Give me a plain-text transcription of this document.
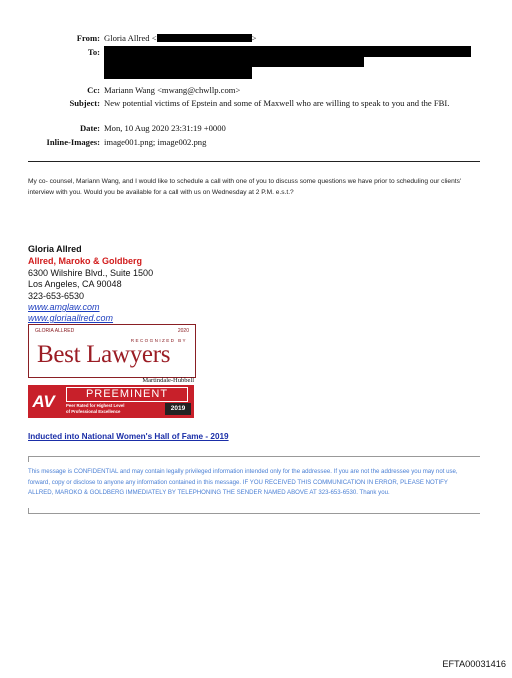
From: Gloria Allred <	>
To:
Cc: Mariann Wang <mwang@chwllp.com>
Subject: New potential victims of Epstein and some of Maxwell who are willing to speak to you and the FBI.
Date: Mon, 10 Aug 2020 23:31:19 +0000
Inline-Images: image001.png; image002.png
My co- counsel, Mariann Wang, and I would like to schedule a call with one of you to discuss some questions we have prior to scheduling our clients' interview with you. Would you be available for a call with us on Wednesday at 2 P.M. e.s.t.?
Gloria Allred
Allred, Maroko & Goldberg
6300 Wilshire Blvd., Suite 1500
Los Angeles, CA 90048
323-653-6530
www.amglaw.com
www.gloriaallred.com
GLORIA ALLRED	2020
RECOGNIZED BY
Best Lawyers
Martindale-Hubbell
AV	PREEMINENT
Peer Rated for Highest Level
of Professional Excellence	2019
Inducted into National Women's Hall of Fame - 2019
This message is CONFIDENTIAL and may contain legally privileged information intended only for the addressee. If you are not the addressee you may not use, forward, copy or disclose to anyone any information contained in this message. IF YOU RECEIVED THIS COMMUNICATION IN ERROR, PLEASE NOTIFY ALLRED, MAROKO & GOLDBERG IMMEDIATELY BY TELEPHONING THE SENDER NAMED ABOVE AT 323-653-6530. Thank you.
EFTA00031416
